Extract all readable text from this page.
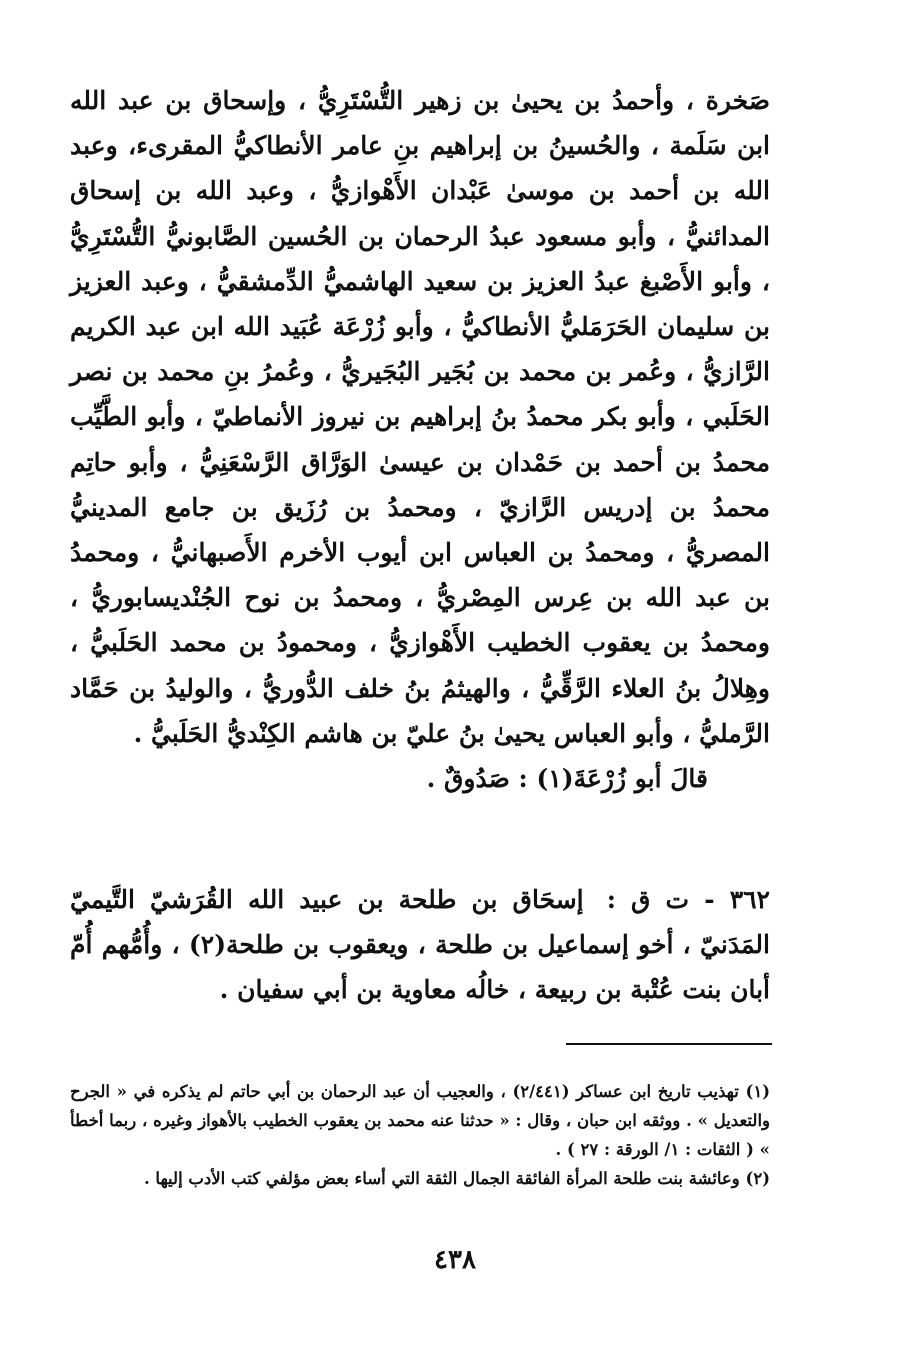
صَخرة ، وأحمدُ بن يحيىٰ بن زهير التُّسْتَرِيُّ ، وإسحاق بن عبد الله ابن سَلَمة ، والحُسينُ بن إبراهيم بنِ عامر الأنطاكيُّ المقرىء، وعبد الله بن أحمد بن موسىٰ عَبْدان الأَهْوازيُّ ، وعبد الله بن إسحاق المدائنيُّ ، وأبو مسعود عبدُ الرحمان بن الحُسين الصَّابونيُّ التُّسْتَرِيُّ ، وأبو الأَصْبغ عبدُ العزيز بن سعيد الهاشميُّ الدِّمشقيُّ ، وعبد العزيز بن سليمان الحَرَمَليُّ الأنطاكيُّ ، وأبو زُرْعَة عُبَيد الله ابن عبد الكريم الرَّازيُّ ، وعُمر بن محمد بن بُجَير البُجَيريُّ ، وعُمرُ بنِ محمد بن نصر الحَلَبي ، وأبو بكر محمدُ بنُ إبراهيم بن نيروز الأنماطيّ ، وأبو الطَّيِّب محمدُ بن أحمد بن حَمْدان بن عيسىٰ الوَرَّاق الرَّسْعَنِيُّ ، وأبو حاتِم محمدُ بن إدريس الرَّازيّ ، ومحمدُ بن رُزَيق بن جامع المدينيُّ المصريُّ ، ومحمدُ بن العباس ابن أيوب الأخرم الأَصبهانيُّ ، ومحمدُ بن عبد الله بن عِرس المِصْريُّ ، ومحمدُ بن نوح الجُنْديسابوريُّ ، ومحمدُ بن يعقوب الخطيب الأَهْوازيُّ ، ومحمودُ بن محمد الحَلَبيُّ ، وهِلالُ بنُ العلاء الرَّقِّيُّ ، والهيثمُ بنُ خلف الدُّوريُّ ، والوليدُ بن حَمَّاد الرَّمليُّ ، وأبو العباس يحيىٰ بنُ عليّ بن هاشم الكِنْديُّ الحَلَبيُّ .

قالَ أبو زُرْعَةَ(١) : صَدُوقٌ .

٣٦٢ - ت ق : إسحَاق بن طلحة بن عبيد الله القُرَشيّ التَّيميّ المَدَنيّ ، أخو إسماعيل بن طلحة ، ويعقوب بن طلحة(٢) ، وأُمُّهم أُمّ أبان بنت عُتْبة بن ربيعة ، خالُه معاوية بن أبي سفيان .

(١) تهذيب تاريخ ابن عساكر (٢/٤٤١) ، والعجيب أن عبد الرحمان بن أبي حاتم لم يذكره في « الجرح والتعديل » . ووثقه ابن حبان ، وقال : « حدثنا عنه محمد بن يعقوب الخطيب بالأهواز وغيره ، ربما أخطأ » ( الثقات : ١/ الورقة : ٢٧ ) .

(٢) وعائشة بنت طلحة المرأة الفائقة الجمال الثقة التي أساء بعض مؤلفي كتب الأدب إليها .

٤٣٨
